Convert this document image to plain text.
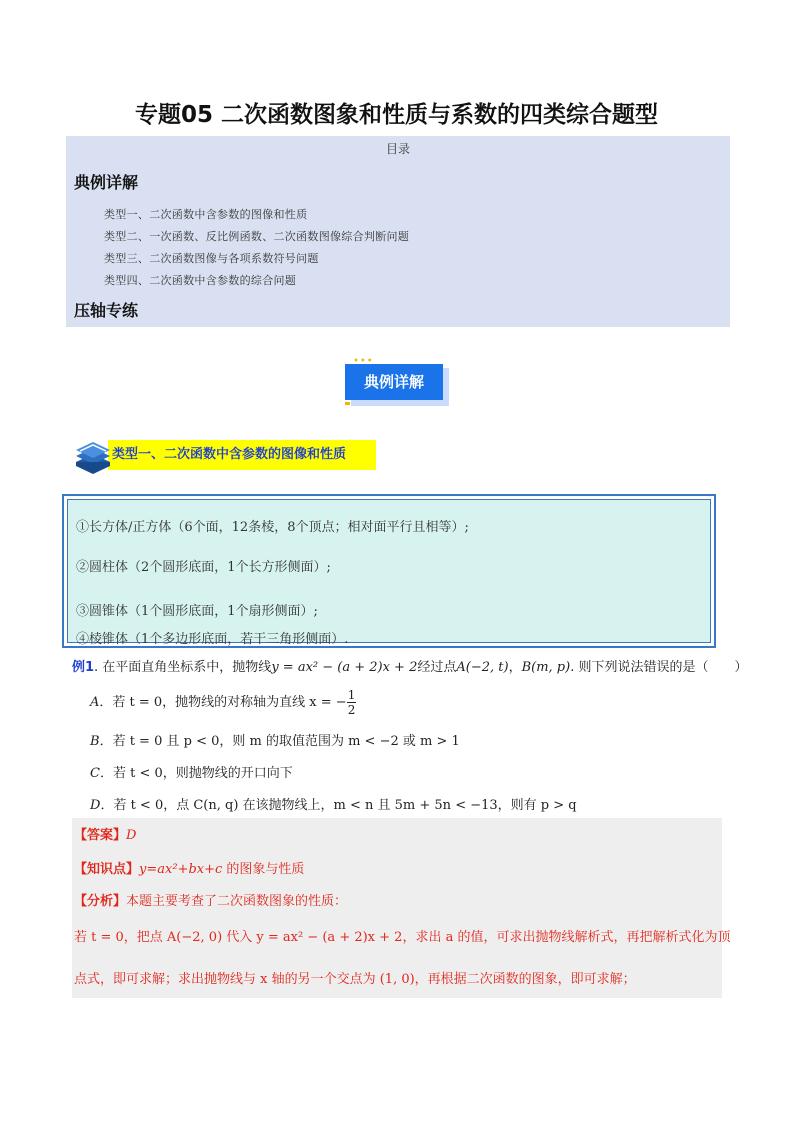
专题05 二次函数图象和性质与系数的四类综合题型
目录
典例详解
类型一、二次函数中含参数的图像和性质
类型二、一次函数、反比例函数、二次函数图像综合判断问题
类型三、二次函数图像与各项系数符号问题
类型四、二次函数中含参数的综合问题
压轴专练
典例详解
•••
类型一、二次函数中含参数的图像和性质
①长方体/正方体（6个面，12条棱，8个顶点；相对面平行且相等）;
②圆柱体（2个圆形底面，1个长方形侧面）;
③圆锥体（1个圆形底面，1个扇形侧面）;
④棱锥体（1个多边形底面，若干三角形侧面）.
例1. 在平面直角坐标系中，抛物线y = ax² − (a + 2)x + 2经过点A(−2, t)，B(m, p). 则下列说法错误的是（　　）
A．若 t = 0，抛物线的对称轴为直线 x = − $\frac{1}{2}$
B．若 t = 0 且 p < 0，则 m 的取值范围为 m < −2 或 m > 1
C．若 t < 0，则抛物线的开口向下
D．若 t < 0，点 C(n, q) 在该抛物线上，m < n 且 5m + 5n < −13，则有 p > q
【答案】D
【知识点】y=ax²+bx+c 的图象与性质
【分析】本题主要考查了二次函数图象的性质：
若 t = 0，把点 A(−2, 0) 代入 y = ax² − (a + 2)x + 2，求出 a 的值，可求出抛物线解析式，再把解析式化为顶
点式，即可求解；求出抛物线与 x 轴的另一个交点为 (1, 0)，再根据二次函数的图象，即可求解；
